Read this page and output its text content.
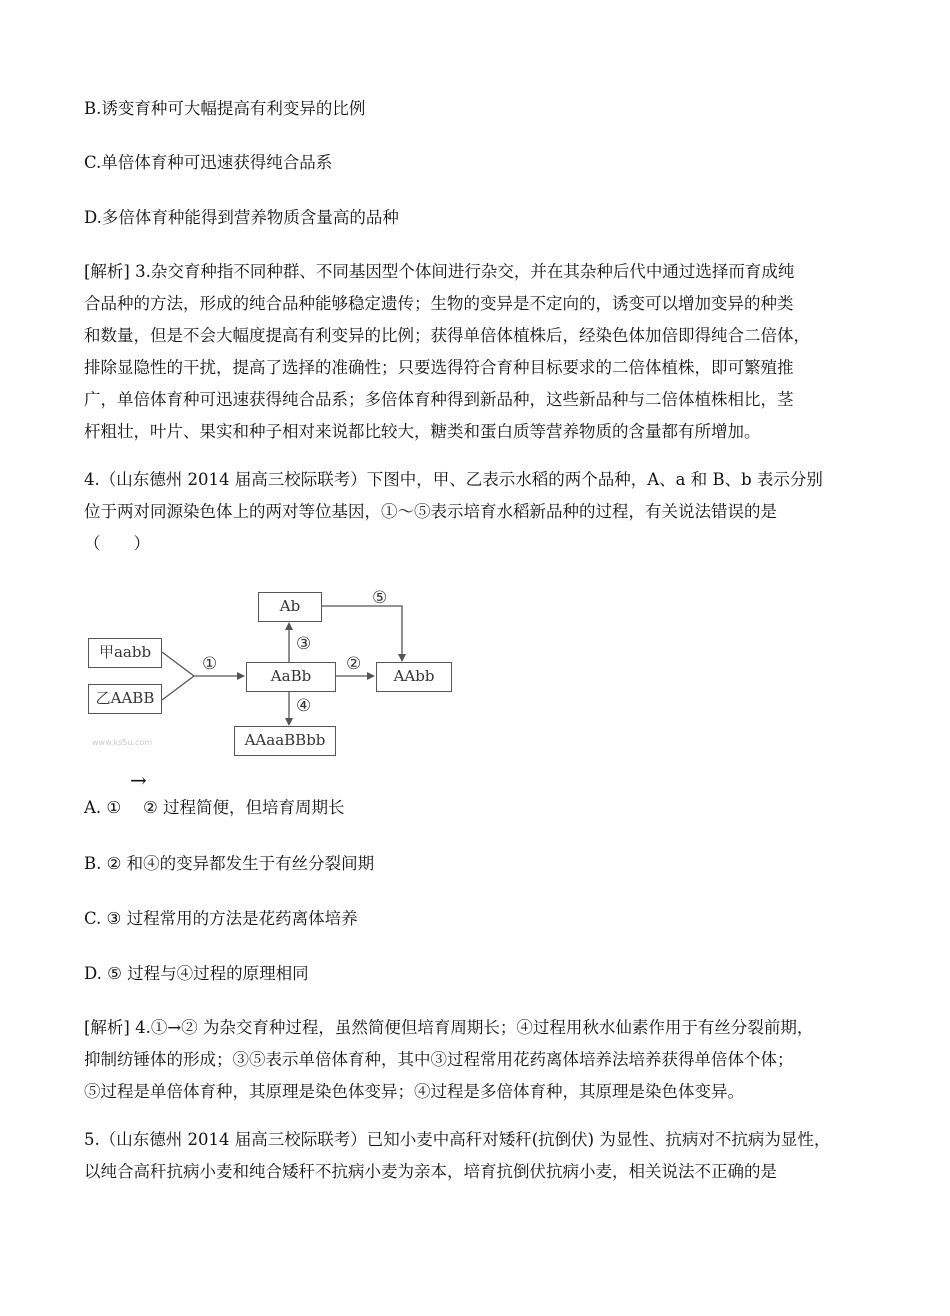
B.诱变育种可大幅提高有利变异的比例
C.单倍体育种可迅速获得纯合品系
D.多倍体育种能得到营养物质含量高的品种
[解析] 3.杂交育种指不同种群、不同基因型个体间进行杂交，并在其杂种后代中通过选择而育成纯
合品种的方法，形成的纯合品种能够稳定遗传；生物的变异是不定向的，诱变可以增加变异的种类
和数量，但是不会大幅度提高有利变异的比例；获得单倍体植株后，经染色体加倍即得纯合二倍体，
排除显隐性的干扰，提高了选择的准确性；只要选得符合育种目标要求的二倍体植株，即可繁殖推
广，单倍体育种可迅速获得纯合品系；多倍体育种得到新品种，这些新品种与二倍体植株相比，茎
杆粗壮，叶片、果实和种子相对来说都比较大，糖类和蛋白质等营养物质的含量都有所增加。
4.（山东德州 2014 届高三校际联考）下图中，甲、乙表示水稻的两个品种，A、a 和 B、b 表示分别
位于两对同源染色体上的两对等位基因，①～⑤表示培育水稻新品种的过程，有关说法错误的是
（　　）
Ab
甲aabb
乙AABB
AaBb	AAbb
AAaaBBbb
①	②
③
④
⑤
www.ks5u.com
→
A. ①　 ② 过程简便，但培育周期长
B. ② 和④的变异都发生于有丝分裂间期
C. ③ 过程常用的方法是花药离体培养
D. ⑤ 过程与④过程的原理相同
[解析] 4.①→② 为杂交育种过程，虽然简便但培育周期长；④过程用秋水仙素作用于有丝分裂前期，
抑制纺锤体的形成；③⑤表示单倍体育种，其中③过程常用花药离体培养法培养获得单倍体个体；
⑤过程是单倍体育种，其原理是染色体变异；④过程是多倍体育种，其原理是染色体变异。
5.（山东德州 2014 届高三校际联考）已知小麦中高秆对矮秆(抗倒伏) 为显性、抗病对不抗病为显性，
以纯合高秆抗病小麦和纯合矮秆不抗病小麦为亲本，培育抗倒伏抗病小麦，相关说法不正确的是
